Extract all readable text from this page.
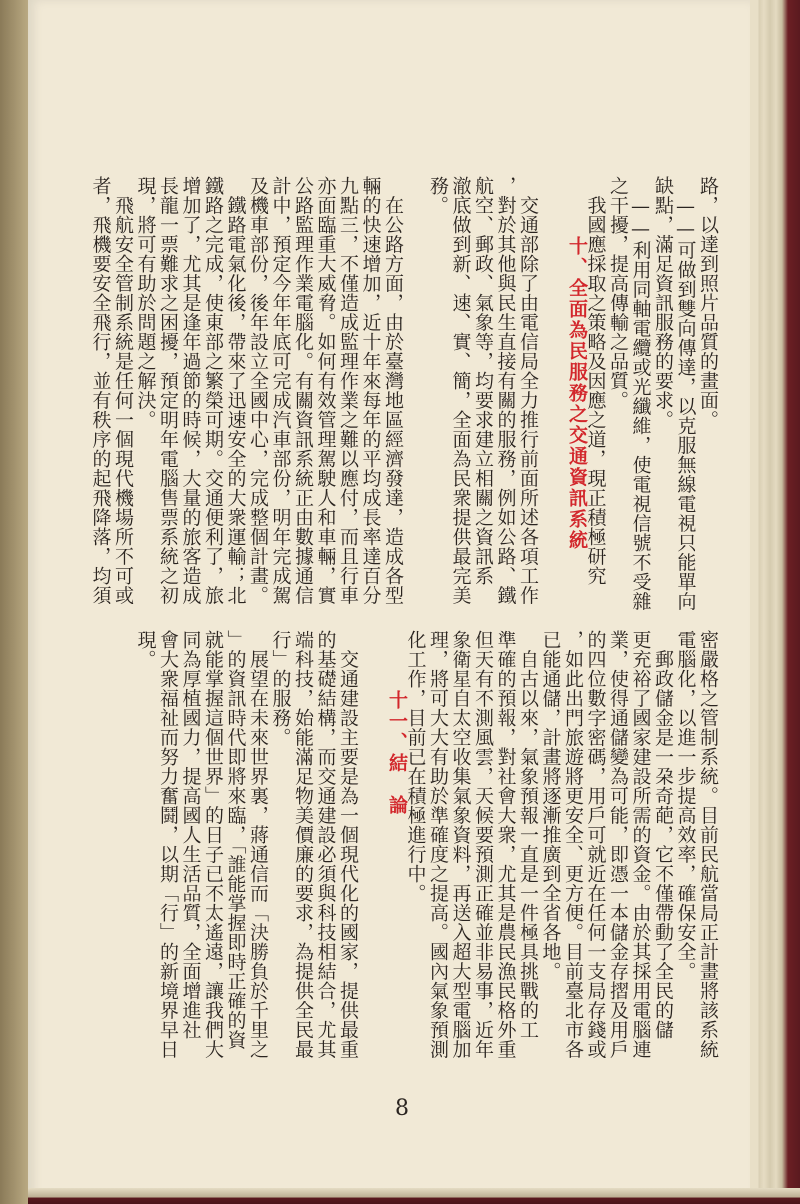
路，以達到照片品質的畫面。
　——可做到雙向傳達，以克服無線電視只能單向
缺點，滿足資訊服務的要求。
　——利用同軸電纜或光纖維，使電視信號不受雜
之干擾，提高傳輸之品質。
　我國應採取之策略及因應之道，現正積極研究
　交通部除了由電信局全力推行前面所述各項工作
，對於其他與民生直接有關的服務，例如公路、鐵
航空、郵政、氣象等，均要求建立相關之資訊系
澈底做到新、速、實、簡，全面為民衆提供最完美
務。
　在公路方面，由於臺灣地區經濟發達，造成各型
輛的快速增加，近十年來每年的平均成長率達百分
九點三，不僅造成監理作業之難以應付，而且行車
亦面臨重大威脅。如何有效管理駕駛人和車輛，實
公路監理作業電腦化。有關資訊系統正由數據通信
計中，預定今年年底可完成汽車部份，明年完成駕
及機車部份，後年設立全國中心，完成整個計畫。
　鐵路電氣化後，帶來了迅速安全的大衆運輸；北
鐵路之完成，使東部之繁榮可期。交通便利了，旅
增加了，尤其是逢年過節的時候，大量的旅客造成
長龍一票難求之困擾，預定明年電腦售票系統之初
現，將可有助於問題之解決。
　飛航安全管制系統是任何一個現代機場所不可或
者，飛機要安全飛行，並有秩序的起飛降落，均須
十、全面為民服務之交通資訊系統
密嚴格之管制系統。目前民航當局正計畫將該系統
電腦化，以進一步提高效率，確保安全。
　郵政儲金是一朶奇葩，它不僅帶動了全民的儲
更充裕了國家建設所需的資金。由於其採用電腦連
業，使得通儲變為可能，即憑一本儲金存摺及用戶
的四位數字密碼，用戶可就近在任何一支局存錢或
，如此出門旅遊將更安全、更方便。目前臺北市各
已能通儲，計畫將逐漸推廣到全省各地。
　自古以來，氣象預報一直是一件極具挑戰的工
準確的預報，對社會大衆，尤其是農民漁民格外重
但天有不測風雲，天候要預測正確並非易事，近年
象衛星自太空收集氣象資料，再送入超大型電腦加
理，將可大大有助於準確度之提高。國內氣象預測
化工作，目前已在積極進行中。
　交通建設主要是為一個現代化的國家，提供最重
的基礎結構，而交通建設必須與科技相結合，尤其
端科技，始能滿足物美價廉的要求，為提供全民最
行」的服務。
　展望在未來世界裏，蔣通信而「決勝負於千里之
」的資訊時代即將來臨，「誰能掌握即時正確的資
就能掌握這個世界」的日子已不太遙遠，讓我們大
同為厚植國力，提高國人生活品質，全面增進社
會大衆福祉而努力奮鬪，以期「行」的新境界早日
現。
十一、結　論
8
